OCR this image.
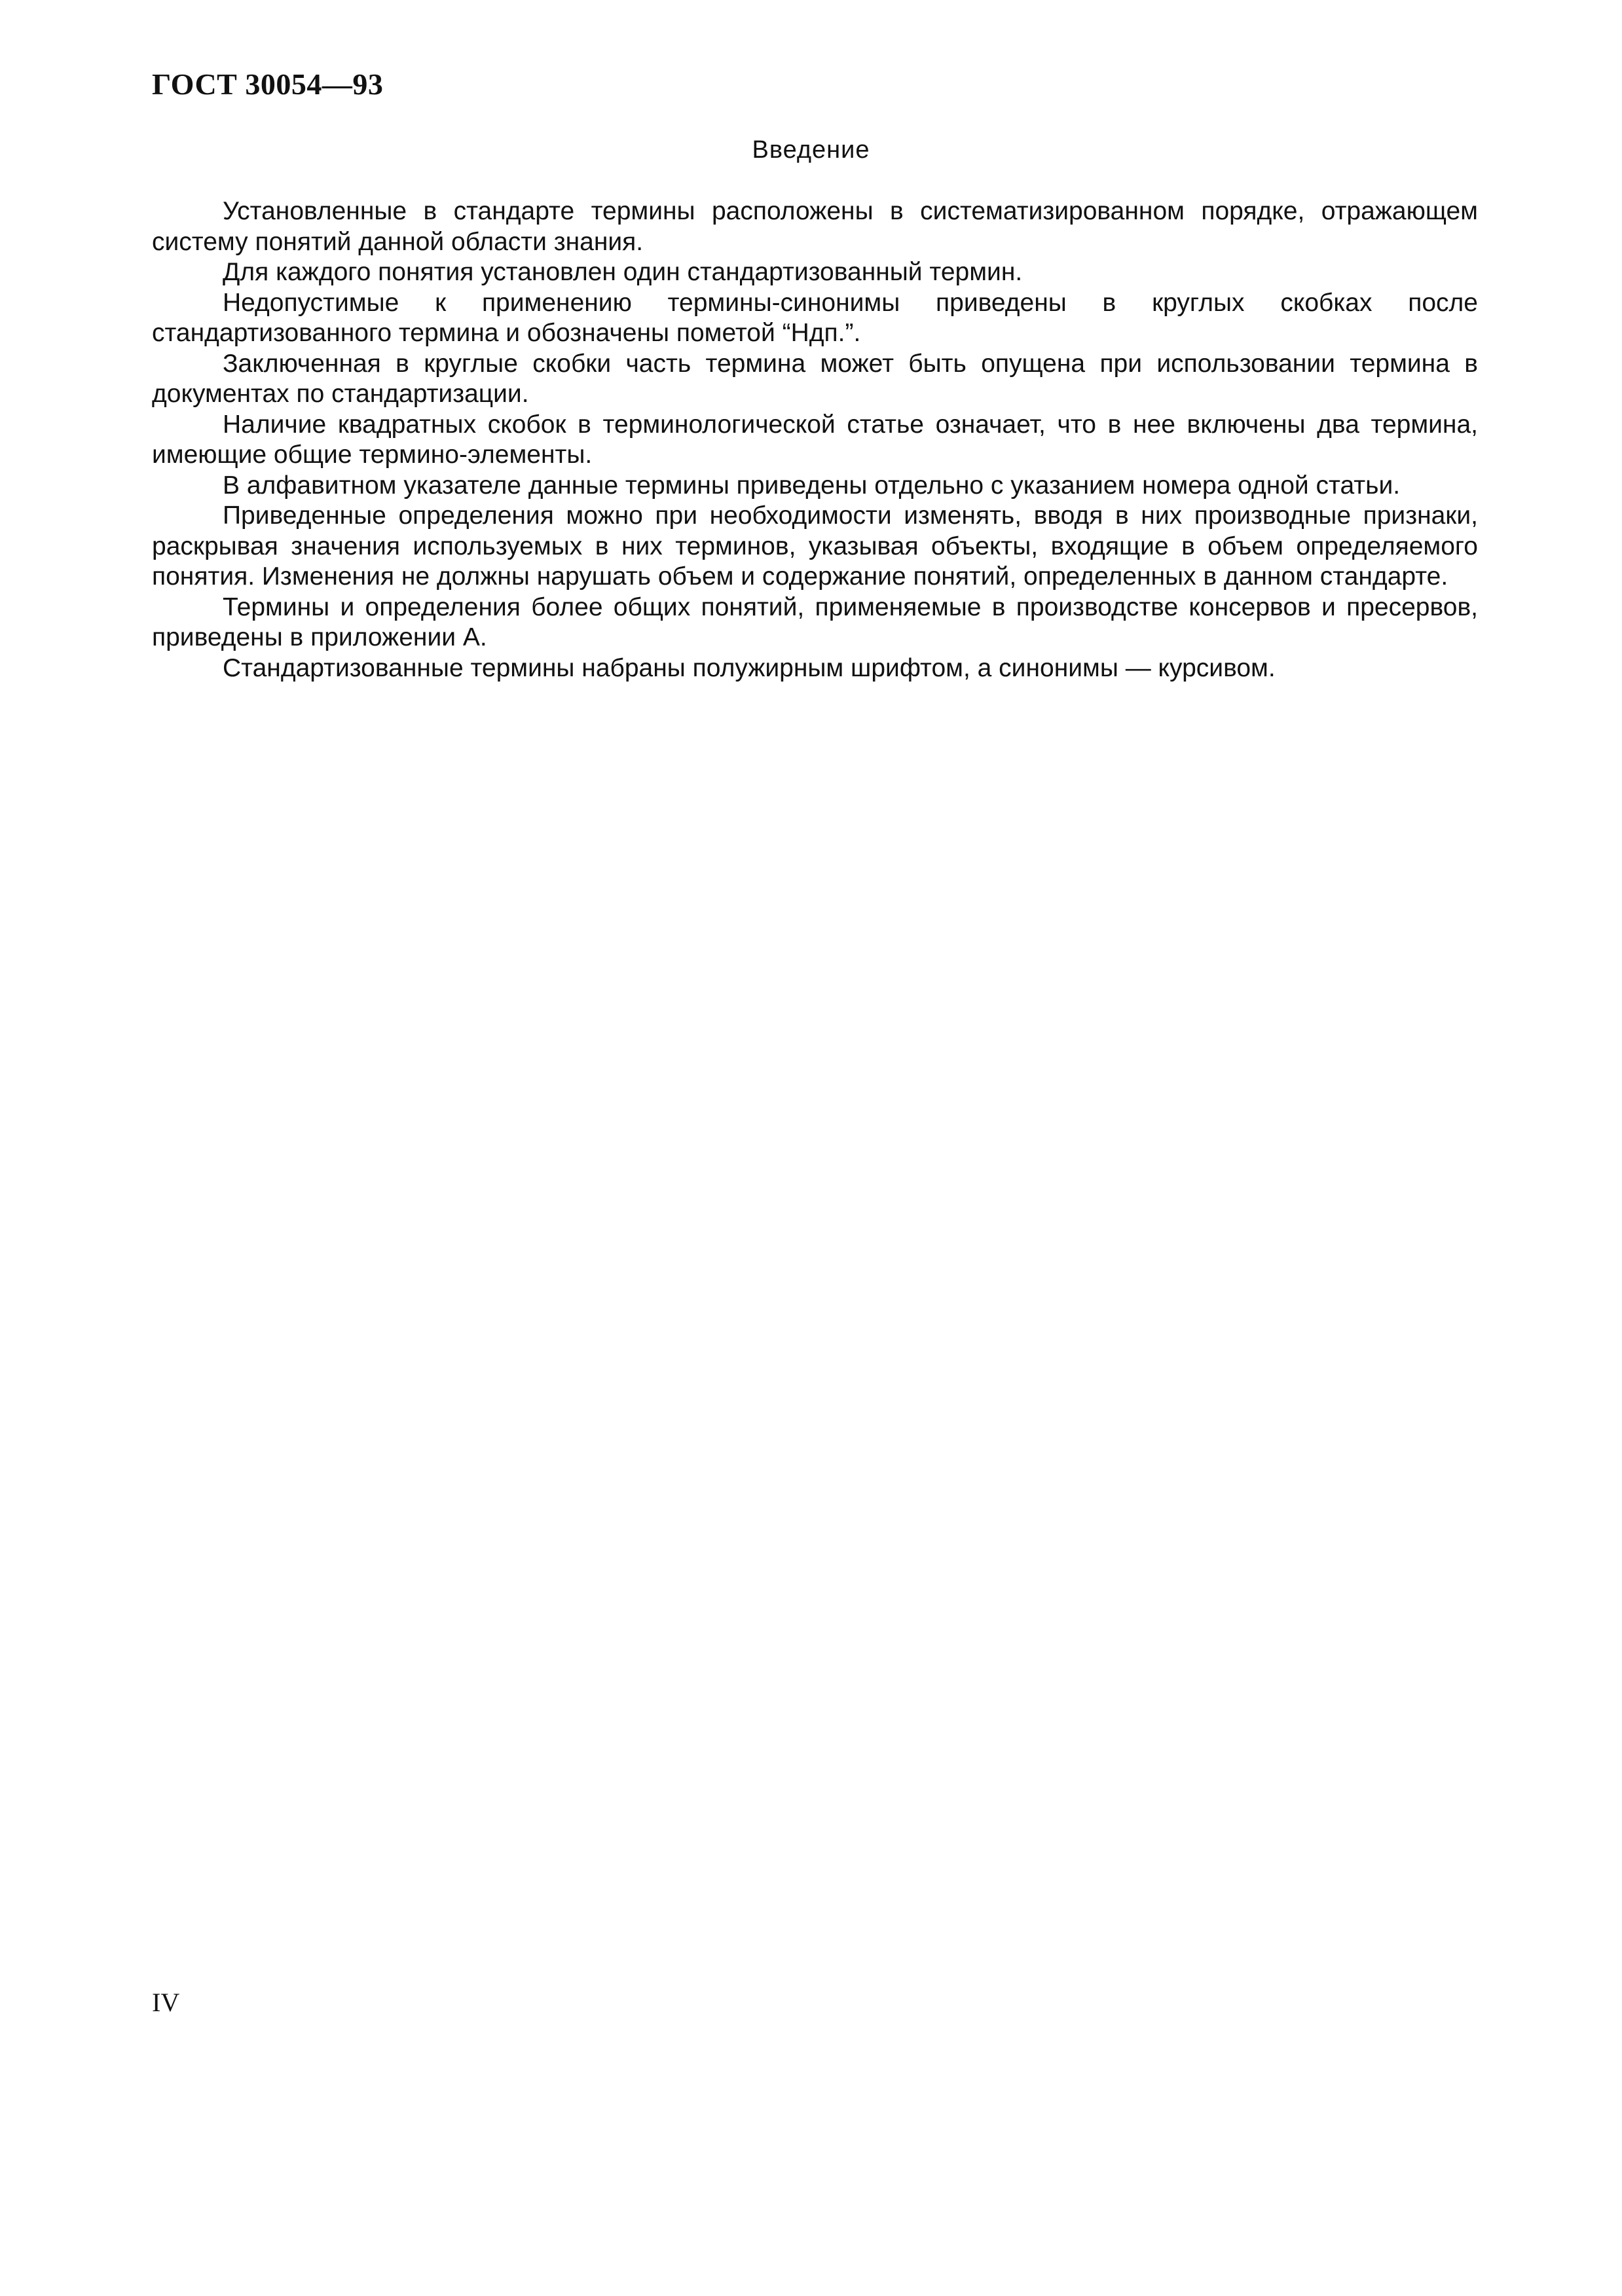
ГОСТ 30054—93
Введение

Установленные в стандарте термины расположены в систематизированном порядке, отражающем систему понятий данной области знания.

Для каждого понятия установлен один стандартизованный термин.

Недопустимые к применению термины-синонимы приведены в круглых скобках после стандартизованного термина и обозначены пометой “Ндп.”.

Заключенная в круглые скобки часть термина может быть опущена при использовании термина в документах по стандартизации.

Наличие квадратных скобок в терминологической статье означает, что в нее включены два термина, имеющие общие термино-элементы.

В алфавитном указателе данные термины приведены отдельно с указанием номера одной статьи.

Приведенные определения можно при необходимости изменять, вводя в них производные признаки, раскрывая значения используемых в них терминов, указывая объекты, входящие в объем определяемого понятия. Изменения не должны нарушать объем и содержание понятий, определенных в данном стандарте.

Термины и определения более общих понятий, применяемые в производстве консервов и пресервов, приведены в приложении А.

Стандартизованные термины набраны полужирным шрифтом, а синонимы — курсивом.

IV
